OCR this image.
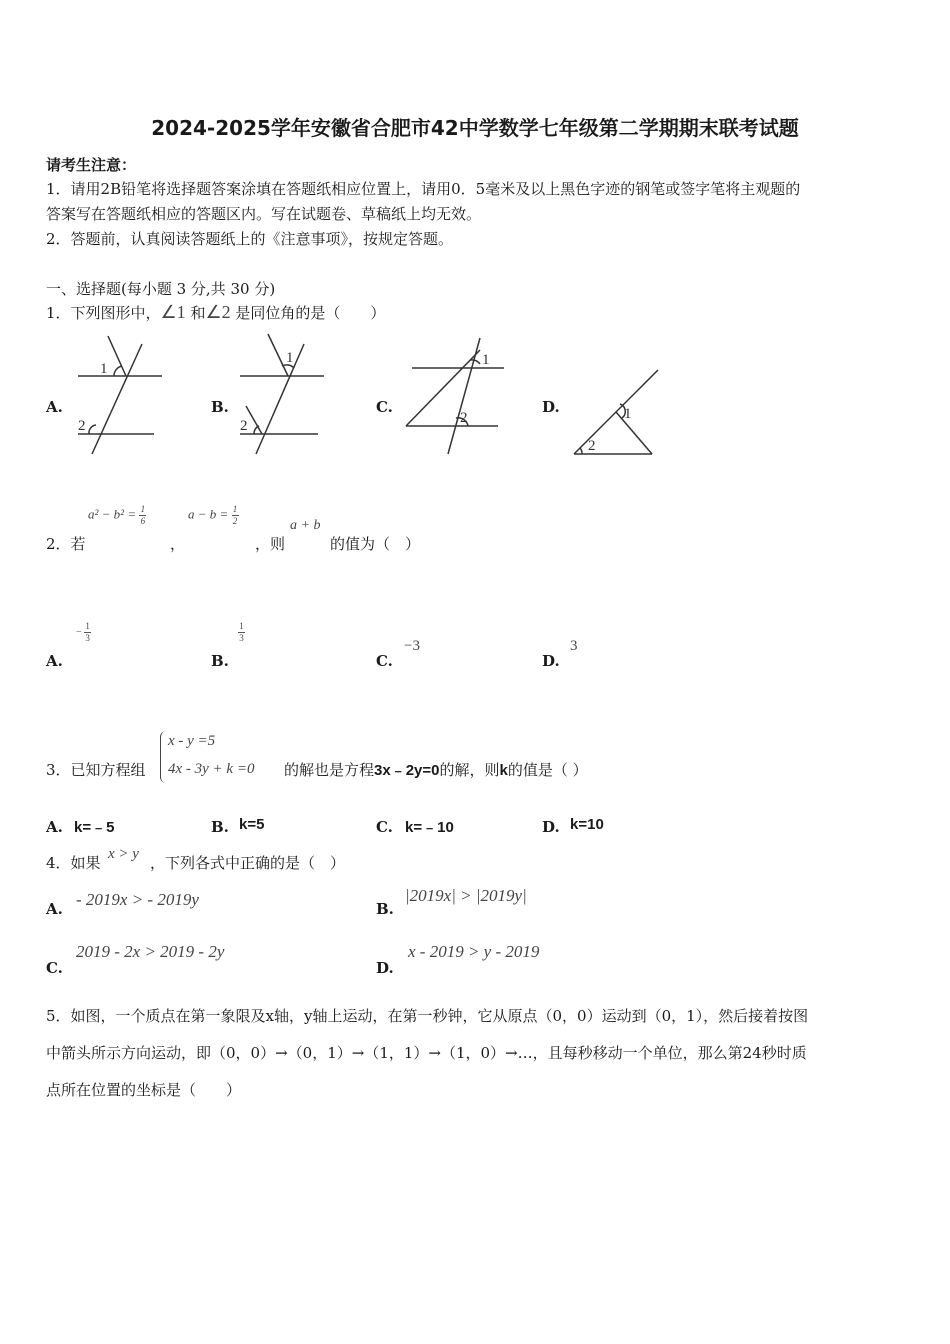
2024-2025学年安徽省合肥市42中学数学七年级第二学期期末联考试题
请考生注意：
1．请用2B铅笔将选择题答案涂填在答题纸相应位置上，请用0．5毫米及以上黑色字迹的钢笔或签字笔将主观题的
答案写在答题纸相应的答题区内。写在试题卷、草稿纸上均无效。
2．答题前，认真阅读答题纸上的《注意事项》，按规定答题。
一、选择题(每小题 3 分,共 30 分)
1．下列图形中，∠1 和∠2 是同位角的是（　　）
A.	B.	C.	D.
1
2
1
2
1
2	1
2
$a^2 - b^2 = \frac{1}{6}$	$a - b = \frac{1}{2}$	a + b
2．若	，	，则	的值为（　）
A.
− $\frac{1}{3}$
B.
$\frac{1}{3}$
C.
−3
D.
3
3．已知方程组
x - y =5
4x - 3y + k =0 的解也是方程3x﹣2y=0的解，则k的值是（ ）
A. k=﹣5	B. k=5	C. k=﹣10	D. k=10
4．如果 x > y ，下列各式中正确的是（　）
A. - 2019x > - 2019y	B.
|2019x| > |2019y|
C.
2019 - 2x > 2019 - 2y
D.
x - 2019 > y - 2019
5．如图，一个质点在第一象限及x轴，y轴上运动，在第一秒钟，它从原点（0，0）运动到（0，1），然后接着按图
中箭头所示方向运动，即（0，0）→（0，1）→（1，1）→（1，0）→…，且每秒移动一个单位，那么第24秒时质
点所在位置的坐标是（　　）
